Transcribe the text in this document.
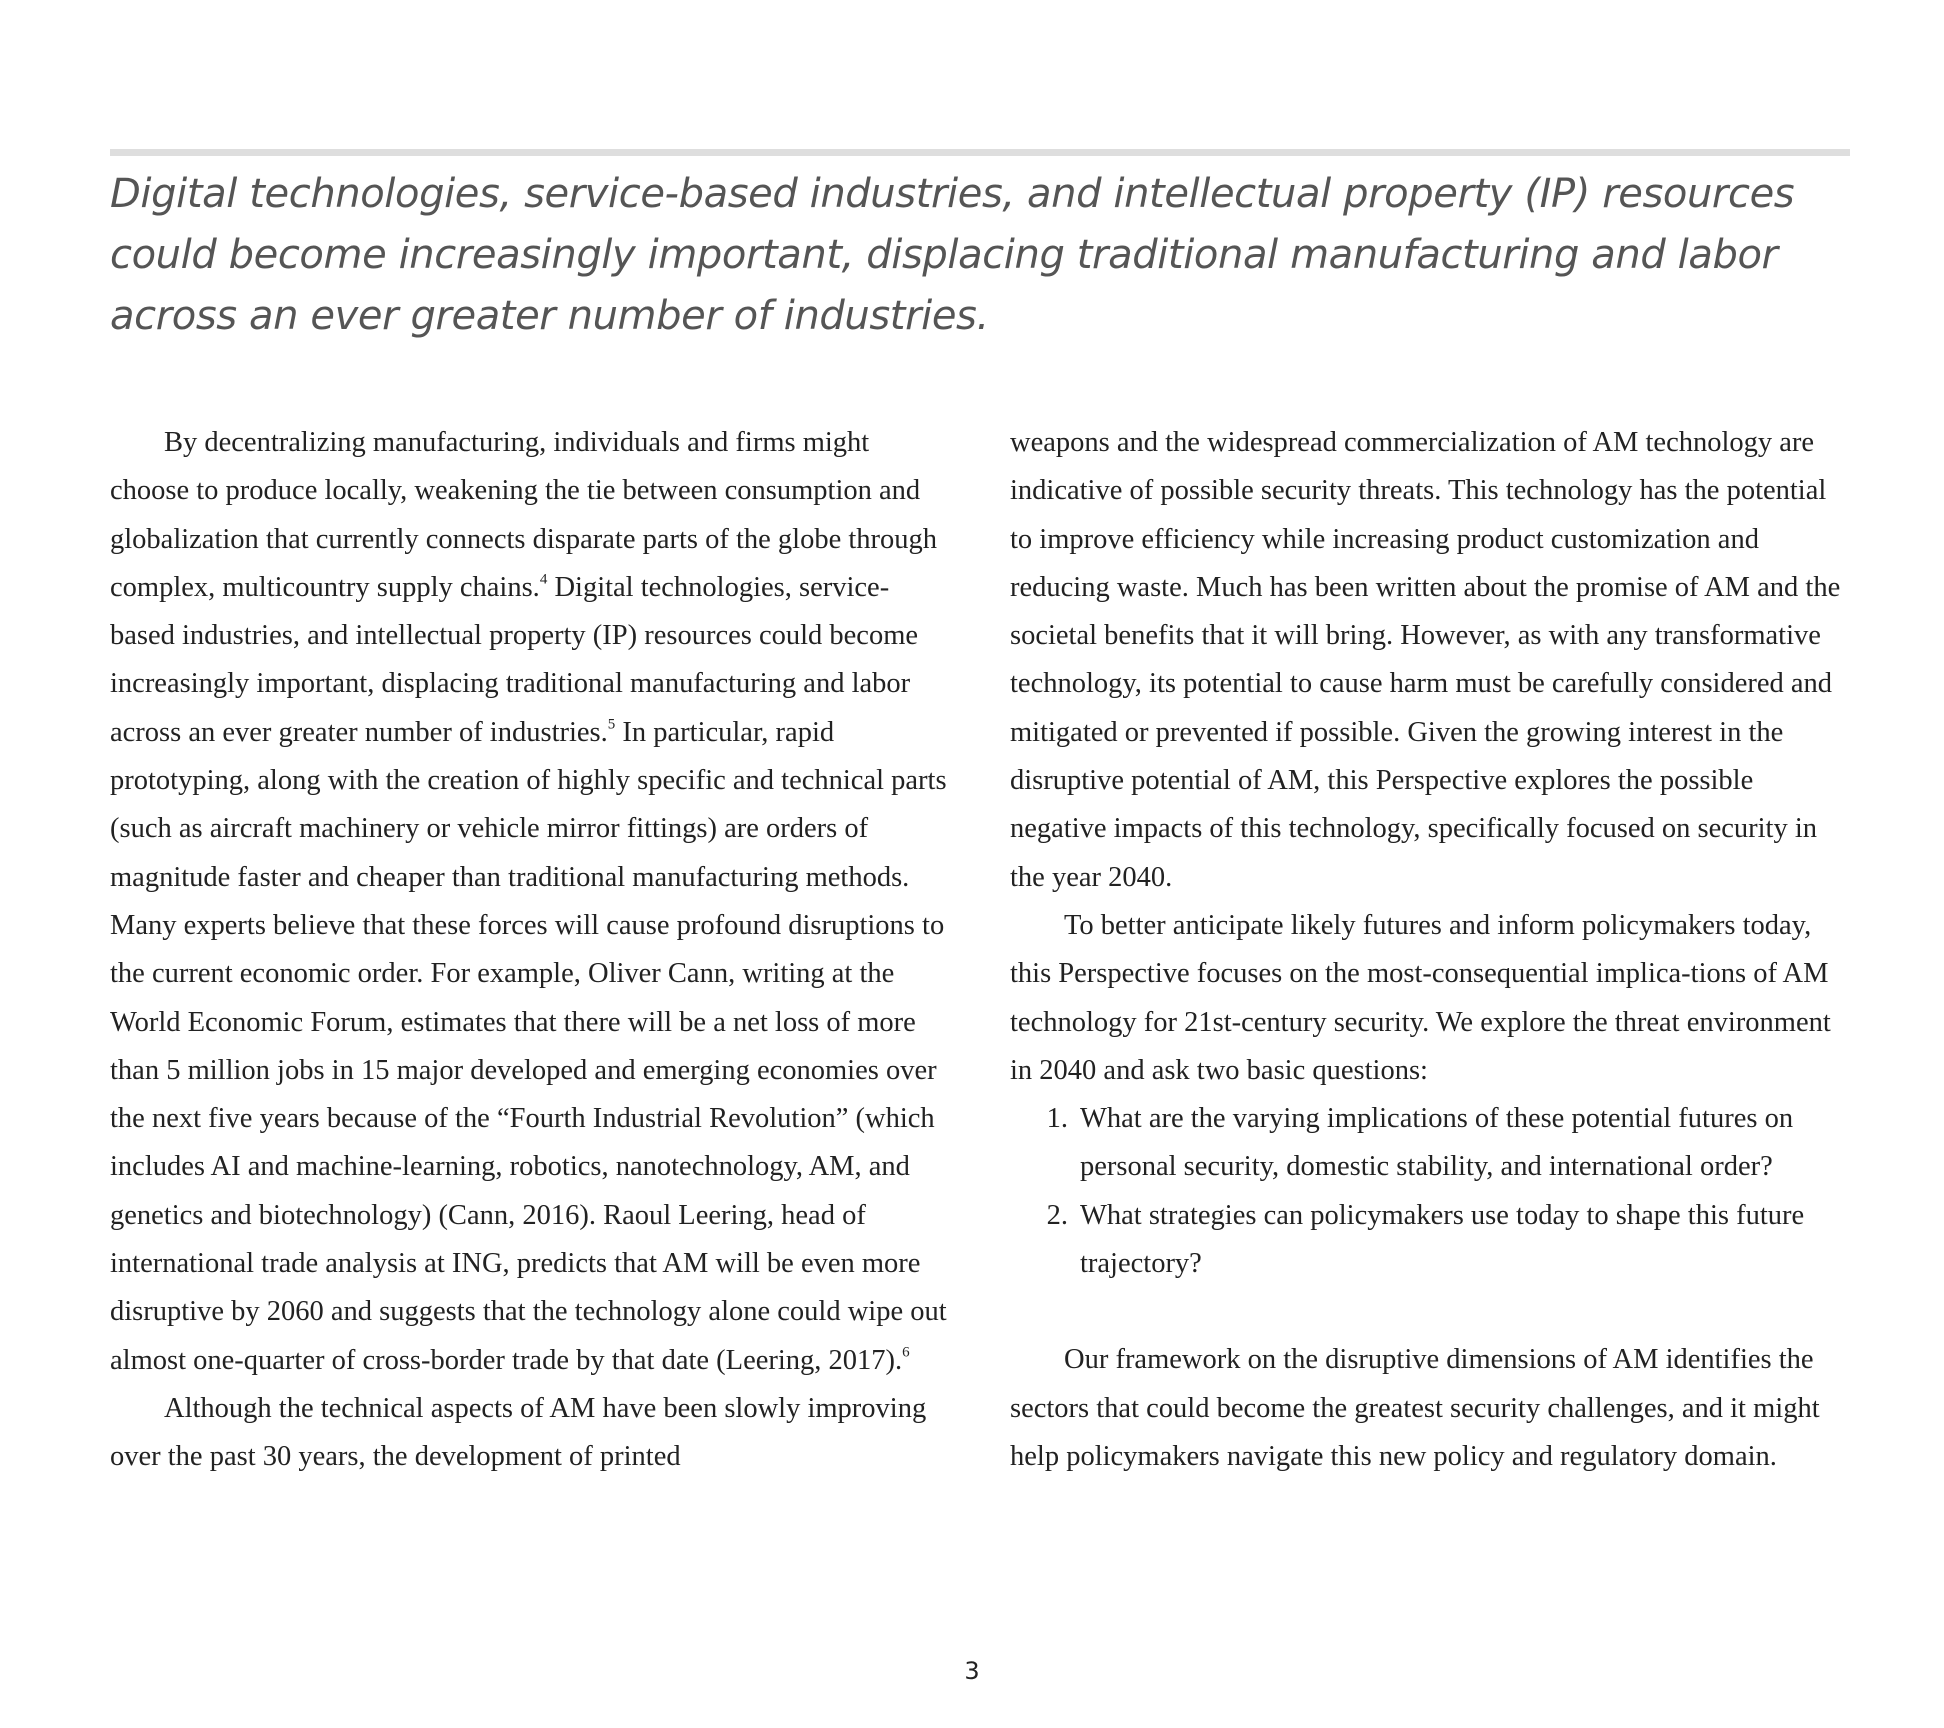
Digital technologies, service-based industries, and intellectual property (IP) resources could become increasingly important, displacing traditional manufacturing and labor across an ever greater number of industries.

By decentralizing manufacturing, individuals and firms might choose to produce locally, weakening the tie between consumption and globalization that currently connects disparate parts of the globe through complex, multicountry supply chains.$^4$ Digital technologies, service-based industries, and intellectual property (IP) resources could become increasingly important, displacing traditional manufacturing and labor across an ever greater number of industries.$^5$ In particular, rapid prototyping, along with the creation of highly specific and technical parts (such as aircraft machinery or vehicle mirror fittings) are orders of magnitude faster and cheaper than traditional manufacturing methods. Many experts believe that these forces will cause profound disruptions to the current economic order. For example, Oliver Cann, writing at the World Economic Forum, estimates that there will be a net loss of more than 5 million jobs in 15 major developed and emerging economies over the next five years because of the “Fourth Industrial Revolution” (which includes AI and machine-learning, robotics, nanotechnology, AM, and genetics and biotechnology) (Cann, 2016). Raoul Leering, head of international trade analysis at ING, predicts that AM will be even more disruptive by 2060 and suggests that the technology alone could wipe out almost one-quarter of cross-border trade by that date (Leering, 2017).$^6$

Although the technical aspects of AM have been slowly improving over the past 30 years, the development of printed

weapons and the widespread commercialization of AM technology are indicative of possible security threats. This technology has the potential to improve efficiency while increasing product customization and reducing waste. Much has been written about the promise of AM and the societal benefits that it will bring. However, as with any transformative technology, its potential to cause harm must be carefully considered and mitigated or prevented if possible. Given the growing interest in the disruptive potential of AM, this Perspective explores the possible negative impacts of this technology, specifically focused on security in the year 2040.

To better anticipate likely futures and inform policymakers today, this Perspective focuses on the most-consequential implica-tions of AM technology for 21st-century security. We explore the threat environment in 2040 and ask two basic questions:

1. What are the varying implications of these potential futures on personal security, domestic stability, and international order?
2. What strategies can policymakers use today to shape this future trajectory?

Our framework on the disruptive dimensions of AM identifies the sectors that could become the greatest security challenges, and it might help policymakers navigate this new policy and regulatory domain.

3
